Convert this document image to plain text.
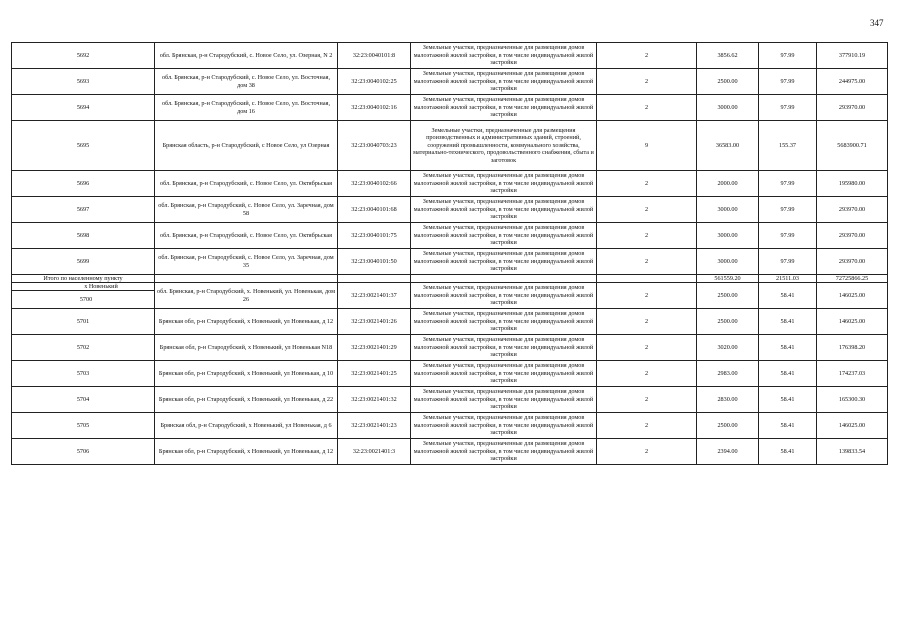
347
5692	обл. Брянская, р-н Стародубский, с. Новое Село, ул. Озерная, N 2	32:23:0040101:8	Земельные участки, предназначенные для размещения домов малоэтажной жилой застройки, в том числе индивидуальной жилой застройки	2	3856.62	97.99	377910.19
5693	обл. Брянская, р-н Стародубский, с. Новое Село, ул. Восточная, дом 38	32:23:0040102:25	Земельные участки, предназначенные для размещения домов малоэтажной жилой застройки, в том числе индивидуальной жилой застройки	2	2500.00	97.99	244975.00
5694	обл. Брянская, р-н Стародубский, с. Новое Село, ул. Восточная, дом 16	32:23:0040102:16	Земельные участки, предназначенные для размещения домов малоэтажной жилой застройки, в том числе индивидуальной жилой застройки	2	3000.00	97.99	293970.00
5695	Брянская область, р-н Стародубский, с Новое Село, ул Озерная	32:23:0040703:23	Земельные участки, предназначенные для размещения производственных и административных зданий, строений, сооружений промышленности, коммунального хозяйства, материально-технического, продовольственного снабжения, сбыта и заготовок	9	36583.00	155.37	5683900.71
5696	обл. Брянская, р-н Стародубский, с. Новое Село, ул. Октябрьская	32:23:0040102:66	Земельные участки, предназначенные для размещения домов малоэтажной жилой застройки, в том числе индивидуальной жилой застройки	2	2000.00	97.99	195980.00
5697	обл. Брянская, р-н Стародубский, с. Новое Село, ул. Заречная, дом 58	32:23:0040101:68	Земельные участки, предназначенные для размещения домов малоэтажной жилой застройки, в том числе индивидуальной жилой застройки	2	3000.00	97.99	293970.00
5698	обл. Брянская, р-н Стародубский, с. Новое Село, ул. Октябрьская	32:23:0040101:75	Земельные участки, предназначенные для размещения домов малоэтажной жилой застройки, в том числе индивидуальной жилой застройки	2	3000.00	97.99	293970.00
5699	обл. Брянская, р-н Стародубский, с. Новое Село, ул. Заречная, дом 35	32:23:0040101:50	Земельные участки, предназначенные для размещения домов малоэтажной жилой застройки, в том числе индивидуальной жилой застройки	2	3000.00	97.99	293970.00
Итого по населенному пункту					561559.20	21511.03	72725866.25

х Новенький
5700	обл. Брянская, р-н Стародубский, х. Новенький, ул. Новенькая, дом 26	32:23:0021401:37	Земельные участки, предназначенные для размещения домов малоэтажной жилой застройки, в том числе индивидуальной жилой застройки	2	2500.00	58.41	146025.00
5701	Брянская обл, р-н Стародубский, х Новенький, ул Новенькая, д 12	32:23:0021401:26	Земельные участки, предназначенные для размещения домов малоэтажной жилой застройки, в том числе индивидуальной жилой застройки	2	2500.00	58.41	146025.00
5702	Брянская обл, р-н Стародубский, х Новенький, ул Новенькая N18	32:23:0021401:29	Земельные участки, предназначенные для размещения домов малоэтажной жилой застройки, в том числе индивидуальной жилой застройки	2	3020.00	58.41	176398.20
5703	Брянская обл, р-н Стародубский, х Новенький, ул Новенькая, д 10	32:23:0021401:25	Земельные участки, предназначенные для размещения домов малоэтажной жилой застройки, в том числе индивидуальной жилой застройки	2	2983.00	58.41	174237.03
5704	Брянская обл, р-н Стародубский, х Новенький, ул Новенькая, д 22	32:23:0021401:32	Земельные участки, предназначенные для размещения домов малоэтажной жилой застройки, в том числе индивидуальной жилой застройки	2	2830.00	58.41	165300.30
5705	Брянская обл, р-н Стародубский, х Новенький, ул Новенькая, д 6	32:23:0021401:23	Земельные участки, предназначенные для размещения домов малоэтажной жилой застройки, в том числе индивидуальной жилой застройки	2	2500.00	58.41	146025.00
5706	Брянская обл, р-н Стародубский, х Новенький, ул Новенькая, д 12	32:23:0021401:3	Земельные участки, предназначенные для размещения домов малоэтажной жилой застройки, в том числе индивидуальной жилой застройки	2	2394.00	58.41	139833.54
